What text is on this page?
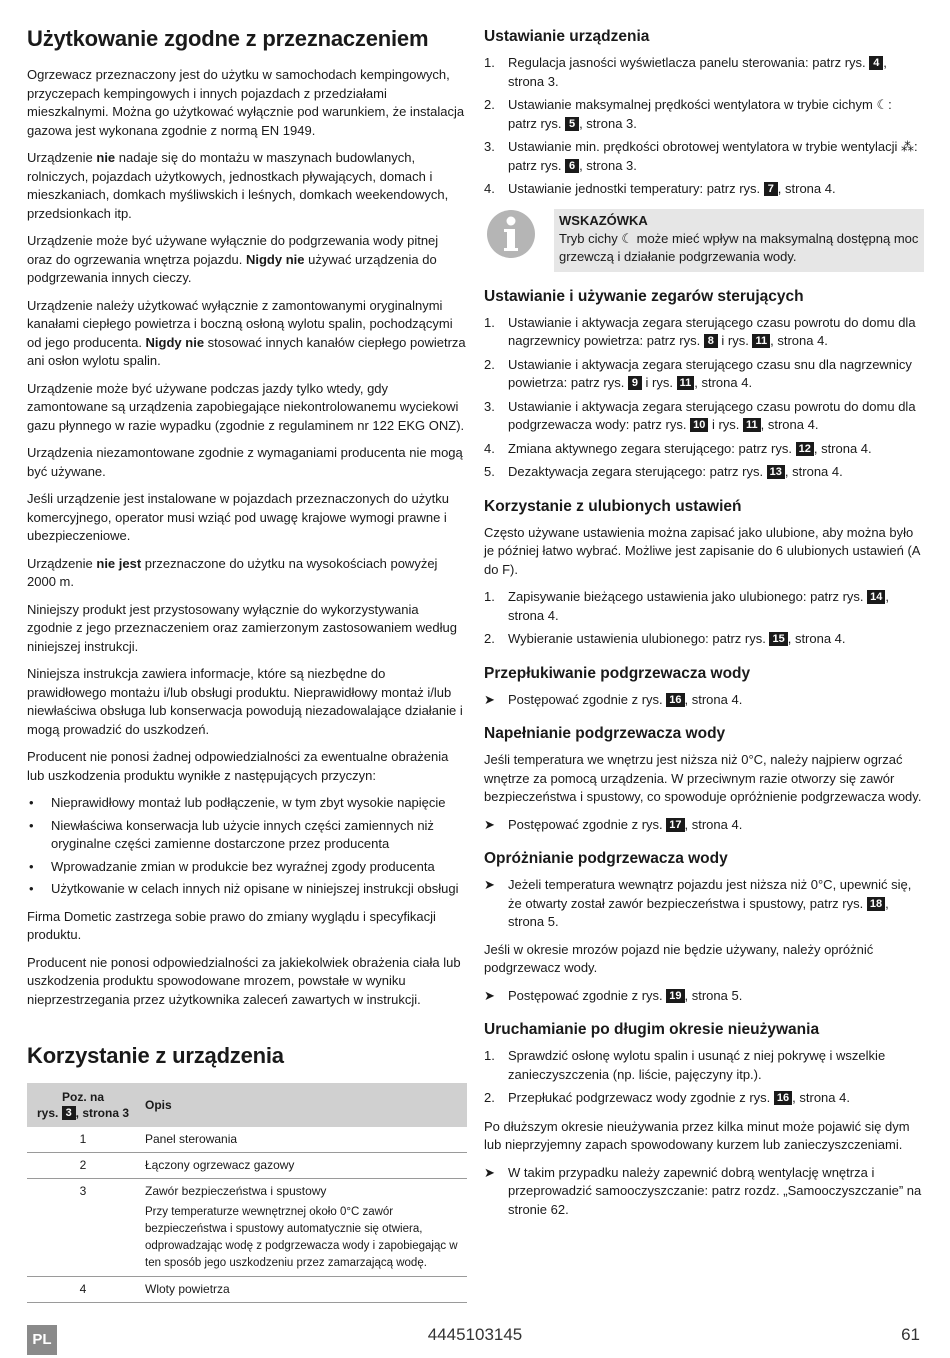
Użytkowanie zgodne z przeznaczeniem

Ogrzewacz przeznaczony jest do użytku w samochodach kempingowych, przyczepach kempingowych i innych pojazdach z przedziałami mieszkalnymi. Można go użytkować wyłącznie pod warunkiem, że instalacja gazowa jest wykonana zgodnie z normą EN 1949.

Urządzenie nie nadaje się do montażu w maszynach budowlanych, rolniczych, pojazdach użytkowych, jednostkach pływających, domach i mieszkaniach, domkach myśliwskich i leśnych, domkach weekendowych, przedsionkach itp.

Urządzenie może być używane wyłącznie do podgrzewania wody pitnej oraz do ogrzewania wnętrza pojazdu. Nigdy nie używać urządzenia do podgrzewania innych cieczy.

Urządzenie należy użytkować wyłącznie z zamontowanymi oryginalnymi kanałami ciepłego powietrza i boczną osłoną wylotu spalin, pochodzącymi od jego producenta. Nigdy nie stosować innych kanałów ciepłego powietrza ani osłon wylotu spalin.

Urządzenie może być używane podczas jazdy tylko wtedy, gdy zamontowane są urządzenia zapobiegające niekontrolowanemu wyciekowi gazu płynnego w razie wypadku (zgodnie z regulaminem nr 122 EKG ONZ).

Urządzenia niezamontowane zgodnie z wymaganiami producenta nie mogą być używane.

Jeśli urządzenie jest instalowane w pojazdach przeznaczonych do użytku komercyjnego, operator musi wziąć pod uwagę krajowe wymogi prawne i ubezpieczeniowe.

Urządzenie nie jest przeznaczone do użytku na wysokościach powyżej 2000 m.

Niniejszy produkt jest przystosowany wyłącznie do wykorzystywania zgodnie z jego przeznaczeniem oraz zamierzonym zastosowaniem według niniejszej instrukcji.

Niniejsza instrukcja zawiera informacje, które są niezbędne do prawidłowego montażu i/lub obsługi produktu. Nieprawidłowy montaż i/lub niewłaściwa obsługa lub konserwacja powodują niezadowalające działanie i mogą prowadzić do uszkodzeń.

Producent nie ponosi żadnej odpowiedzialności za ewentualne obrażenia lub uszkodzenia produktu wynikłe z następujących przyczyn:

• Nieprawidłowy montaż lub podłączenie, w tym zbyt wysokie napięcie
• Niewłaściwa konserwacja lub użycie innych części zamiennych niż oryginalne części zamienne dostarczone przez producenta
• Wprowadzanie zmian w produkcie bez wyraźnej zgody producenta
• Użytkowanie w celach innych niż opisane w niniejszej instrukcji obsługi

Firma Dometic zastrzega sobie prawo do zmiany wyglądu i specyfikacji produktu.

Producent nie ponosi odpowiedzialności za jakiekolwiek obrażenia ciała lub uszkodzenia produktu spowodowane mrozem, powstałe w wyniku nieprzestrzegania przez użytkownika zaleceń zawartych w instrukcji.

Korzystanie z urządzenia
Poz. na
rys. 3 , strona 3	Opis
1	Panel sterowania
2	Łączony ogrzewacz gazowy
3	Zawór bezpieczeństwa i spustowy
Przy temperaturze wewnętrznej około 0°C zawór bezpieczeństwa i spustowy automatycznie się otwiera, odprowadzając wodę z podgrzewacza wody i zapobiegając w ten sposób jego uszkodzeniu przez zamarzającą wodę.

4	Wloty powietrza
Ustawianie urządzenia
1. Regulacja jasności wyświetlacza panelu sterowania: patrz rys. 4 , strona 3.
2. Ustawianie maksymalnej prędkości wentylatora w trybie cichym ☾: patrz rys. 5 , strona 3.
3. Ustawianie min. prędkości obrotowej wentylatora w trybie wentylacji ⁂: patrz rys. 6 , strona 3.
4. Ustawianie jednostki temperatury: patrz rys. 7 , strona 4.
WSKAZÓWKA
Tryb cichy ☾ może mieć wpływ na maksymalną dostępną moc grzewczą i działanie podgrzewania wody.
Ustawianie i używanie zegarów sterujących
1. Ustawianie i aktywacja zegara sterującego czasu powrotu do domu dla nagrzewnicy powietrza: patrz rys. 8 i rys. 11 , strona 4.
2. Ustawianie i aktywacja zegara sterującego czasu snu dla nagrzewnicy powietrza: patrz rys. 9 i rys. 11 , strona 4.
3. Ustawianie i aktywacja zegara sterującego czasu powrotu do domu dla podgrzewacza wody: patrz rys. 10 i rys. 11 , strona 4.
4. Zmiana aktywnego zegara sterującego: patrz rys. 12 , strona 4.
5. Dezaktywacja zegara sterującego: patrz rys. 13 , strona 4.
Korzystanie z ulubionych ustawień

Często używane ustawienia można zapisać jako ulubione, aby można było je później łatwo wybrać. Możliwe jest zapisanie do 6 ulubionych ustawień (A do F).

1. Zapisywanie bieżącego ustawienia jako ulubionego: patrz rys. 14 , strona 4.
2. Wybieranie ustawienia ulubionego: patrz rys. 15 , strona 4.
Przepłukiwanie podgrzewacza wody
➤ Postępować zgodnie z rys. 16 , strona 4.
Napełnianie podgrzewacza wody

Jeśli temperatura we wnętrzu jest niższa niż 0°C, należy najpierw ogrzać wnętrze za pomocą urządzenia. W przeciwnym razie otworzy się zawór bezpieczeństwa i spustowy, co spowoduje opróżnienie podgrzewacza wody.

➤ Postępować zgodnie z rys. 17 , strona 4.
Opróżnianie podgrzewacza wody
➤ Jeżeli temperatura wewnątrz pojazdu jest niższa niż 0°C, upewnić się, że otwarty został zawór bezpieczeństwa i spustowy, patrz rys. 18 , strona 5.

Jeśli w okresie mrozów pojazd nie będzie używany, należy opróżnić podgrzewacz wody.

➤ Postępować zgodnie z rys. 19 , strona 5.
Uruchamianie po długim okresie nieużywania
1. Sprawdzić osłonę wylotu spalin i usunąć z niej pokrywę i wszelkie zanieczyszczenia (np. liście, pajęczyny itp.).
2. Przepłukać podgrzewacz wody zgodnie z rys. 16 , strona 4.

Po dłuższym okresie nieużywania przez kilka minut może pojawić się dym lub nieprzyjemny zapach spowodowany kurzem lub zanieczyszczeniami.

➤ W takim przypadku należy zapewnić dobrą wentylację wnętrza i przeprowadzić samooczyszczanie: patrz rozdz. „Samooczyszczanie” na stronie 62.
PL	4445103145	61
